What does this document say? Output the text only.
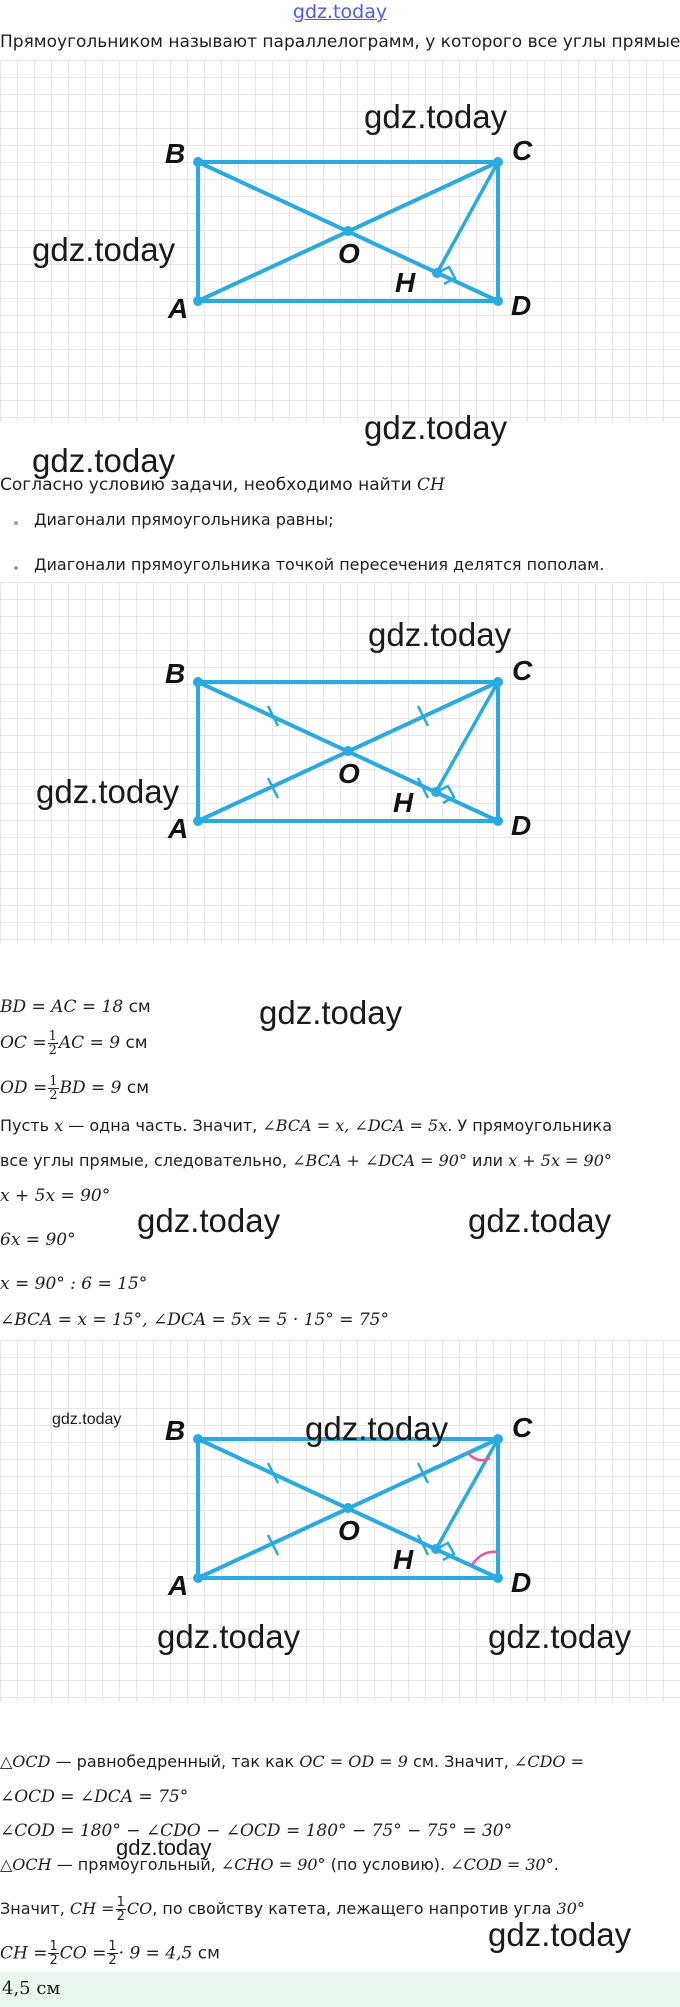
gdz.today
Прямоугольником называют параллелограмм, у которого все углы прямые
B	C
A	D
O
H
gdz.today
gdz.today
gdz.today
gdz.today
Согласно условию задачи, необходимо найти CH
Диагонали прямоугольника равны;
Диагонали прямоугольника точкой пересечения делятся пополам.
B	C
A	D
O
H
gdz.today
gdz.today
BD = AC = 18 см
OC = $\frac{1}{2}$ AC = 9 см
OD = $\frac{1}{2}$ BD = 9 см
gdz.today
Пусть x — одна часть. Значит, ∠BCA = x, ∠DCA = 5x. У прямоугольника
все углы прямые, следовательно, ∠BCA + ∠DCA = 90° или x + 5x = 90°
x + 5x = 90°
6x = 90°
x = 90° : 6 = 15°
∠BCA = x = 15°, ∠DCA = 5x = 5 · 15° = 75°
gdz.today	gdz.today
B	C
A	D
O
H
gdz.today	gdz.today
gdz.today	gdz.today
△OCD — равнобедренный, так как OC = OD = 9 см. Значит, ∠CDO =
∠OCD = ∠DCA = 75°
∠COD = 180° − ∠CDO − ∠OCD = 180° − 75° − 75° = 30°
△OCH — прямоугольный, ∠CHO = 90° (по условию). ∠COD = 30°.
gdz.today
Значит, CH = $\frac{1}{2}$ CO, по свойству катета, лежащего напротив угла 30°
CH = $\frac{1}{2}$ CO = $\frac{1}{2} \cdot 9 = 4,5$ см
gdz.today
4,5 см
